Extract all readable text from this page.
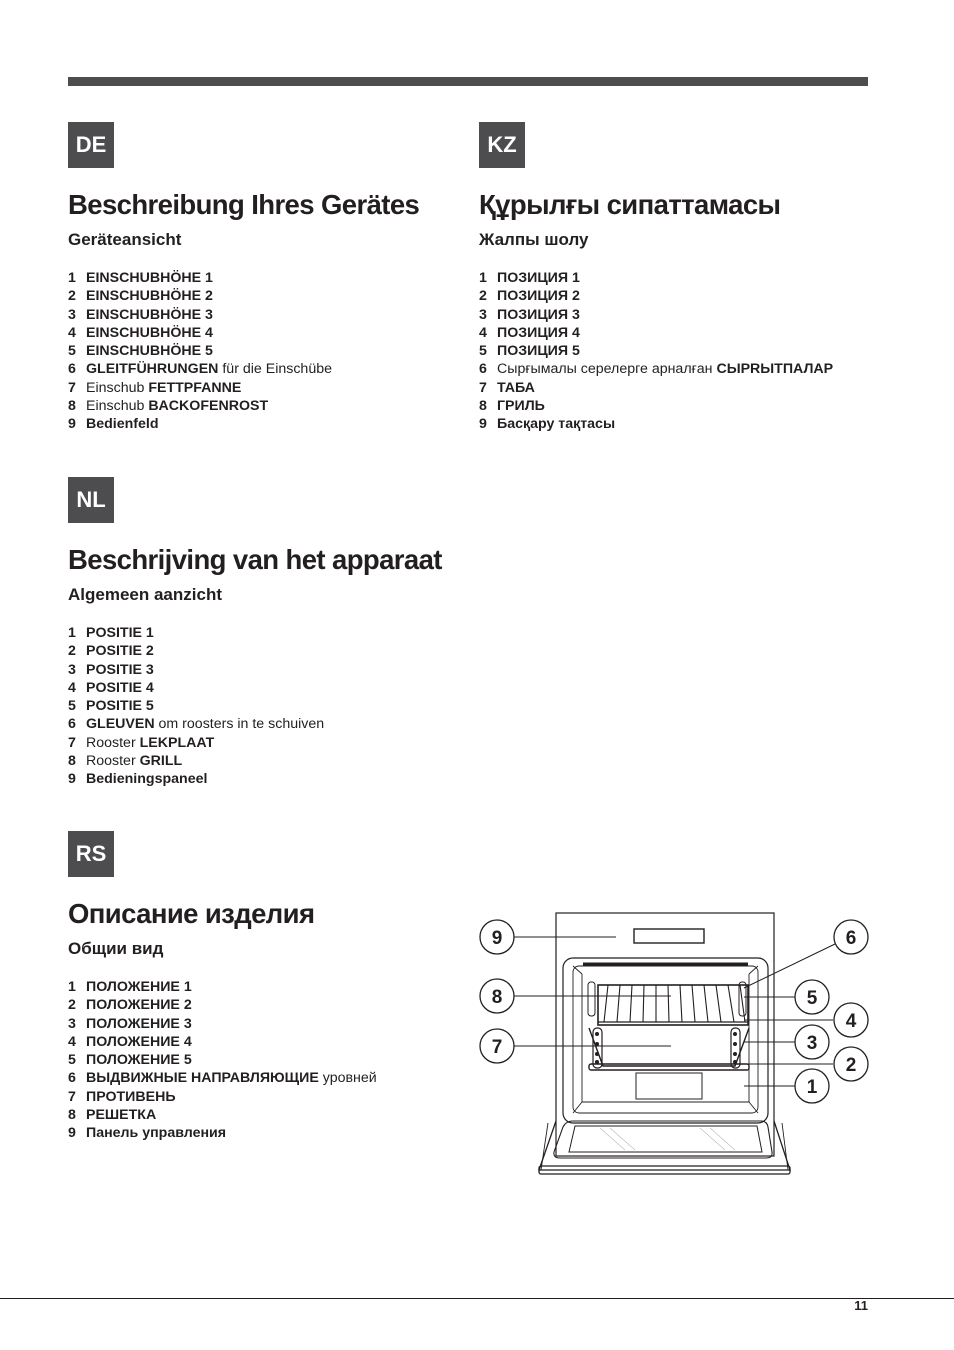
DE
Beschreibung Ihres Gerätes
Geräteansicht
1 EINSCHUBHÖHE 1
2 EINSCHUBHÖHE 2
3 EINSCHUBHÖHE 3
4 EINSCHUBHÖHE 4
5 EINSCHUBHÖHE 5
6 GLEITFÜHRUNGEN für die Einschübe
7 Einschub FETTPFANNE
8 Einschub BACKOFENROST
9 Bedienfeld
KZ
Құрылғы сипаттамасы
Жалпы шолу
1 ПОЗИЦИЯ 1
2 ПОЗИЦИЯ 2
3 ПОЗИЦИЯ 3
4 ПОЗИЦИЯ 4
5 ПОЗИЦИЯ 5
6 Сырғымалы серелерге арналған СЫРRЫТПАЛАР
7 ТАБА
8 ГРИЛЬ
9 Басқару тақтасы
NL
Beschrijving van het apparaat
Algemeen aanzicht
1 POSITIE 1
2 POSITIE 2
3 POSITIE 3
4 POSITIE 4
5 POSITIE 5
6 GLEUVEN om roosters in te schuiven
7 Rooster LEKPLAAT
8 Rooster GRILL
9 Bedieningspaneel
RS
Описание изделия
Общии вид
1 ПОЛОЖЕНИЕ 1
2 ПОЛОЖЕНИЕ 2
3 ПОЛОЖЕНИЕ 3
4 ПОЛОЖЕНИЕ 4
5 ПОЛОЖЕНИЕ 5
6 ВЫДВИЖНЫЕ НАПРАВЛЯЮЩИЕ уровней
7 ПРОТИВЕНЬ
8 РЕШЕТКА
9 Панель управления
1
2
3
4
5
6
7
8
9
11
